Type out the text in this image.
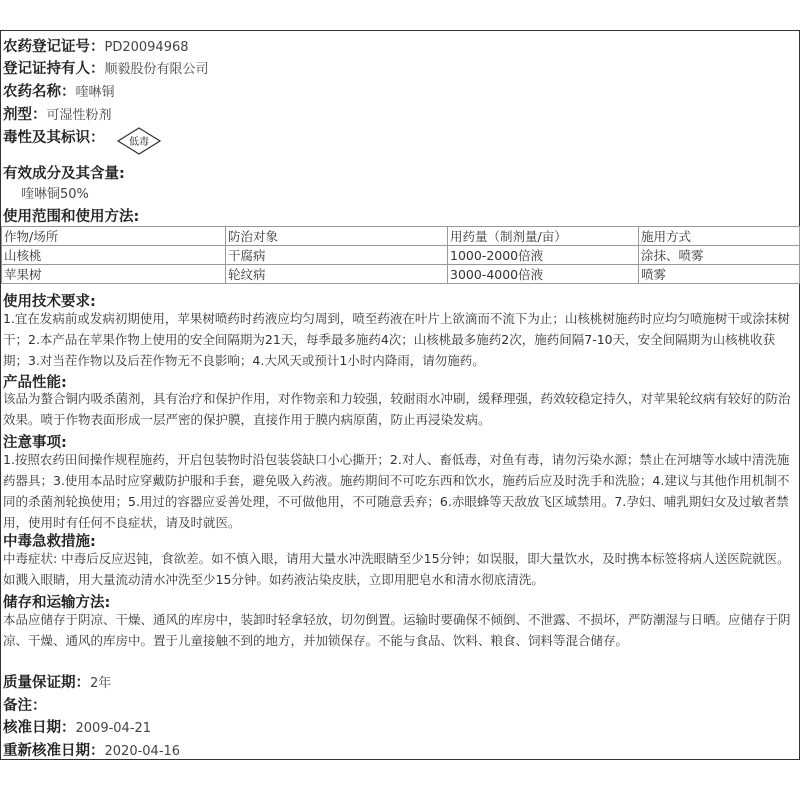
农药登记证号：PD20094968
登记证持有人：顺毅股份有限公司
农药名称：喹啉铜
剂型：可湿性粉剂
毒性及其标识：	低毒
有效成分及其含量:
喹啉铜50%
使用范围和使用方法:
作物/场所	防治对象	用药量（制剂量/亩）	施用方式
山核桃	干腐病	1000-2000倍液	涂抹、喷雾
苹果树	轮纹病	3000-4000倍液	喷雾
使用技术要求:
1.宜在发病前或发病初期使用，苹果树喷药时药液应均匀周到，喷至药液在叶片上欲滴而不流下为止；山核桃树施药时应均匀喷施树干或涂抹树干；2.本产品在苹果作物上使用的安全间隔期为21天，每季最多施药4次；山核桃最多施药2次，施药间隔7-10天，安全间隔期为山核桃收获期；3.对当茬作物以及后茬作物无不良影响；4.大风天或预计1小时内降雨，请勿施药。
产品性能:
该品为螯合铜内吸杀菌剂，具有治疗和保护作用，对作物亲和力较强，较耐雨水冲刷，缓释理强，药效较稳定持久，对苹果轮纹病有较好的防治效果。喷于作物表面形成一层严密的保护膜，直接作用于膜内病原菌，防止再浸染发病。
注意事项:
1.按照农药田间操作规程施药，开启包装物时沿包装袋缺口小心撕开；2.对人、畜低毒，对鱼有毒，请勿污染水源；禁止在河塘等水域中清洗施药器具；3.使用本品时应穿戴防护服和手套，避免吸入药液。施药期间不可吃东西和饮水，施药后应及时洗手和洗脸；4.建议与其他作用机制不同的杀菌剂轮换使用；5.用过的容器应妥善处理，不可做他用，不可随意丢弃；6.赤眼蜂等天敌放飞区域禁用。7.孕妇、哺乳期妇女及过敏者禁用，使用时有任何不良症状，请及时就医。
中毒急救措施:
中毒症状: 中毒后反应迟钝，食欲差。如不慎入眼，请用大量水冲洗眼睛至少15分钟；如误服，即大量饮水，及时携本标签将病人送医院就医。如溅入眼睛，用大量流动清水冲洗至少15分钟。如药液沾染皮肤，立即用肥皂水和清水彻底清洗。
储存和运输方法:
本品应储存于阴凉、干燥、通风的库房中，装卸时轻拿轻放，切勿倒置。运输时要确保不倾倒、不泄露、不损坏，严防潮湿与日晒。应储存于阴凉、干燥、通风的库房中。置于儿童接触不到的地方，并加锁保存。不能与食品、饮料、粮食、饲料等混合储存。
质量保证期：2年
备注：
核准日期：2009-04-21
重新核准日期：2020-04-16
